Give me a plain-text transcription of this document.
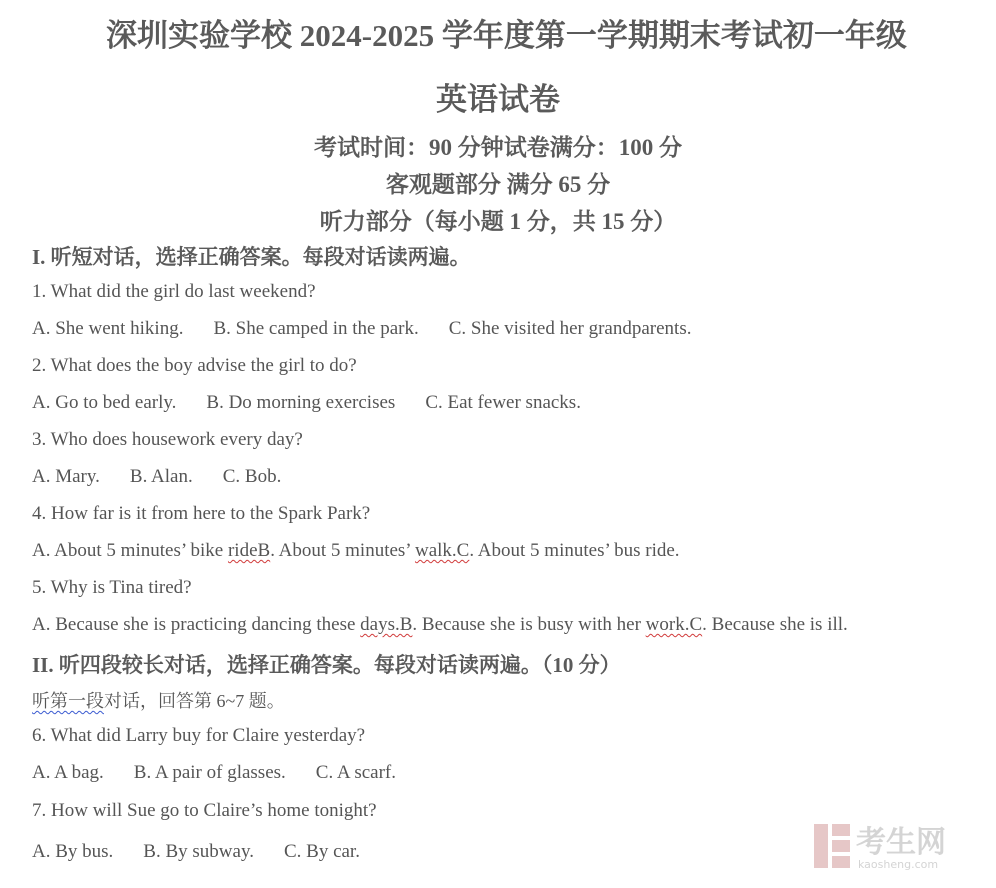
深圳实验学校 2024-2025 学年度第一学期期末考试初一年级
英语试卷
考试时间：90 分钟试卷满分：100 分
客观题部分 满分 65 分
听力部分（每小题 1 分，共 15 分）
I. 听短对话，选择正确答案。每段对话读两遍。
1. What did the girl do last weekend?
A. She went hiking. B. She camped in the park. C. She visited her grandparents.
2. What does the boy advise the girl to do?
A. Go to bed early. B. Do morning exercises C. Eat fewer snacks.
3. Who does housework every day?
A. Mary. B. Alan. C. Bob.
4. How far is it from here to the Spark Park?
A. About 5 minutes’ bike rideB. About 5 minutes’ walk.C. About 5 minutes’ bus ride.
5. Why is Tina tired?
A. Because she is practicing dancing these days.B. Because she is busy with her work.C. Because she is ill.
II. 听四段较长对话，选择正确答案。每段对话读两遍。（10 分）
听第一段对话，回答第 6~7 题。
6. What did Larry buy for Claire yesterday?
A. A bag. B. A pair of glasses. C. A scarf.
7. How will Sue go to Claire’s home tonight?
A. By bus. B. By subway. C. By car.	考生网
kaosheng.com
